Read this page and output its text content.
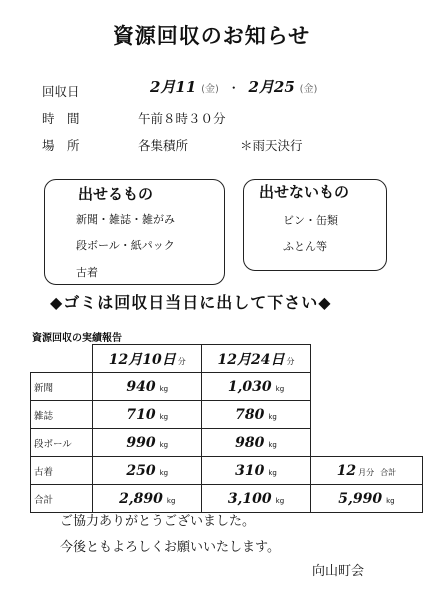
資源回収のお知らせ
回収日	2月11 (金) ・ 2月25 (金)
時　間	午前８時３０分
場　所	各集積所	＊雨天決行
出せるもの
新聞・雑誌・雑がみ
段ボール・紙パック
古着
出せないもの
ビン・缶類
ふとん等
◆ゴミは回収日当日に出して下さい◆
資源回収の実績報告
	12月10日 分	12月24日 分	
新聞	940 kg	1,030 kg	
雑誌	710 kg	780 kg	
段ボール	990 kg	980 kg	
古着	250 kg	310 kg	12 月分 合計
合計	2,890 kg	3,100 kg	5,990 kg
ご協力ありがとうございました。
今後ともよろしくお願いいたします。
向山町会
